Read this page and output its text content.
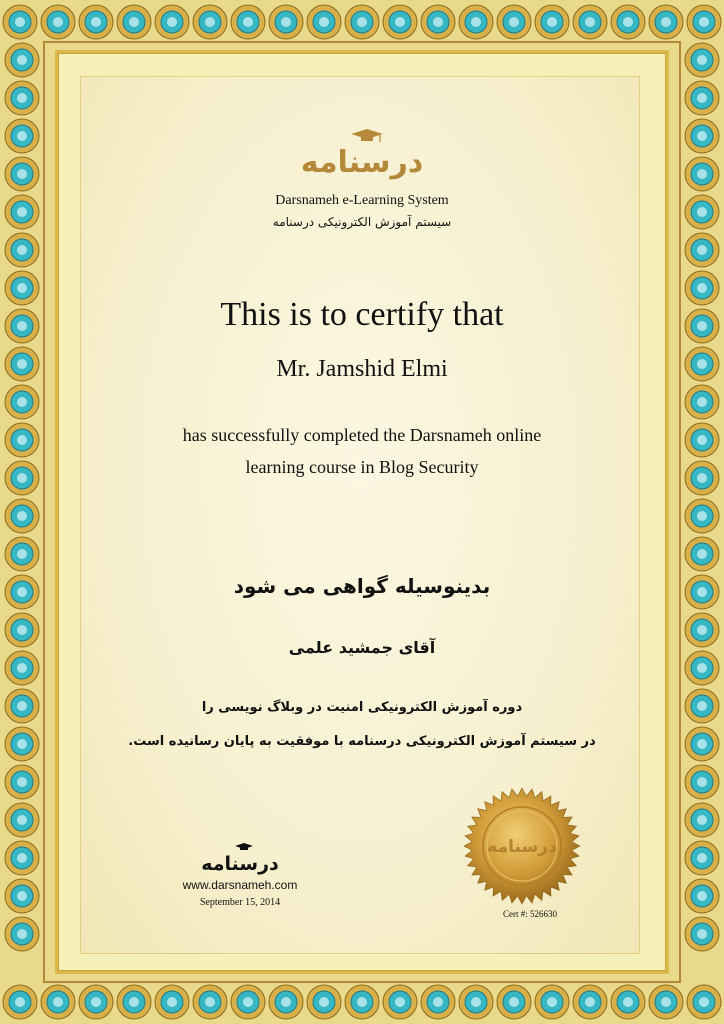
درسنامه
Darsnameh e-Learning System
سیستم آموزش الکترونیکی درسنامه
This is to certify that
Mr. Jamshid Elmi
has successfully completed the Darsnameh online
learning course in Blog Security
بدینوسیله گواهی می شود
آقای جمشید علمی
دوره آموزش الکترونیکی امنیت در وبلاگ نویسی را
در سیستم آموزش الکترونیکی درسنامه با موفقیت به پایان رسانیده است.
درسنامه
www.darsnameh.com
September 15, 2014
درسنامه
Cert #: 526630
